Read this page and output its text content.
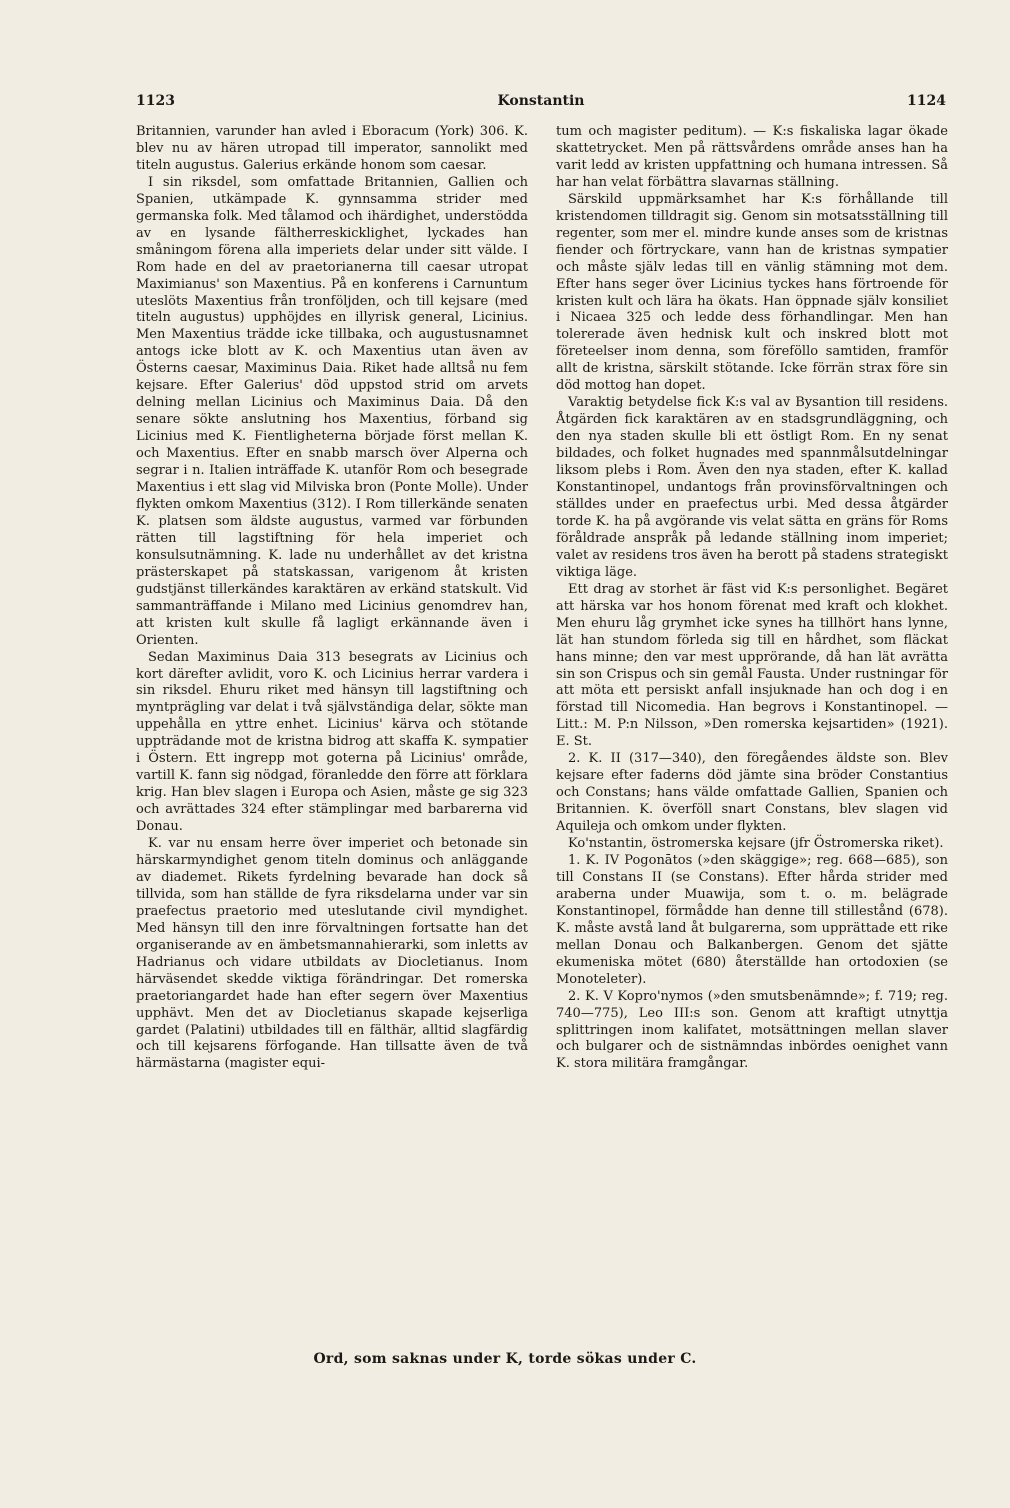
1123	Konstantin	1124

Britannien, varunder han avled i Eboracum (York) 306. K. blev nu av hären utropad till imperator, sannolikt med titeln augustus. Galerius erkände honom som caesar.

I sin riksdel, som omfattade Britannien, Gallien och Spanien, utkämpade K. gynnsamma strider med germanska folk. Med tålamod och ihärdighet, understödda av en lysande fältherreskicklighet, lyckades han småningom förena alla imperiets delar under sitt välde. I Rom hade en del av praetorianerna till caesar utropat Maximianus' son Maxentius. På en konferens i Carnuntum uteslöts Maxentius från tronföljden, och till kejsare (med titeln augustus) upphöjdes en illyrisk general, Licinius. Men Maxentius trädde icke tillbaka, och augustusnamnet antogs icke blott av K. och Maxentius utan även av Österns caesar, Maximinus Daia. Riket hade alltså nu fem kejsare. Efter Galerius' död uppstod strid om arvets delning mellan Licinius och Maximinus Daia. Då den senare sökte anslutning hos Maxentius, förband sig Licinius med K. Fientligheterna började först mellan K. och Maxentius. Efter en snabb marsch över Alperna och segrar i n. Italien inträffade K. utanför Rom och besegrade Maxentius i ett slag vid Milviska bron (Ponte Molle). Under flykten omkom Maxentius (312). I Rom tillerkände senaten K. platsen som äldste augustus, varmed var förbunden rätten till lagstiftning för hela imperiet och konsulsutnämning. K. lade nu underhållet av det kristna prästerskapet på statskassan, varigenom åt kristen gudstjänst tillerkändes karaktären av erkänd statskult. Vid sammanträffande i Milano med Licinius genomdrev han, att kristen kult skulle få lagligt erkännande även i Orienten.

Sedan Maximinus Daia 313 besegrats av Licinius och kort därefter avlidit, voro K. och Licinius herrar vardera i sin riksdel. Ehuru riket med hänsyn till lagstiftning och myntprägling var delat i två självständiga delar, sökte man uppehålla en yttre enhet. Licinius' kärva och stötande uppträdande mot de kristna bidrog att skaffa K. sympatier i Östern. Ett ingrepp mot goterna på Licinius' område, vartill K. fann sig nödgad, föranledde den förre att förklara krig. Han blev slagen i Europa och Asien, måste ge sig 323 och avrättades 324 efter stämplingar med barbarerna vid Donau.

K. var nu ensam herre över imperiet och betonade sin härskarmyndighet genom titeln dominus och anläggande av diademet. Rikets fyrdelning bevarade han dock så tillvida, som han ställde de fyra riksdelarna under var sin praefectus praetorio med uteslutande civil myndighet. Med hänsyn till den inre förvaltningen fortsatte han det organiserande av en ämbetsmannahierarki, som inletts av Hadrianus och vidare utbildats av Diocletianus. Inom härväsendet skedde viktiga förändringar. Det romerska praetoriangardet hade han efter segern över Maxentius upphävt. Men det av Diocletianus skapade kejserliga gardet (Palatini) utbildades till en fälthär, alltid slagfärdig och till kejsarens förfogande. Han tillsatte även de två härmästarna (magister equi-

tum och magister peditum). — K:s fiskaliska lagar ökade skattetrycket. Men på rättsvårdens område anses han ha varit ledd av kristen uppfattning och humana intressen. Så har han velat förbättra slavarnas ställning.

Särskild uppmärksamhet har K:s förhållande till kristendomen tilldragit sig. Genom sin motsatsställning till regenter, som mer el. mindre kunde anses som de kristnas fiender och förtryckare, vann han de kristnas sympatier och måste själv ledas till en vänlig stämning mot dem. Efter hans seger över Licinius tyckes hans förtroende för kristen kult och lära ha ökats. Han öppnade själv konsiliet i Nicaea 325 och ledde dess förhandlingar. Men han tolererade även hednisk kult och inskred blott mot företeelser inom denna, som föreföllo samtiden, framför allt de kristna, särskilt stötande. Icke förrän strax före sin död mottog han dopet.

Varaktig betydelse fick K:s val av Bysantion till residens. Åtgärden fick karaktären av en stadsgrundläggning, och den nya staden skulle bli ett östligt Rom. En ny senat bildades, och folket hugnades med spannmålsutdelningar liksom plebs i Rom. Även den nya staden, efter K. kallad Konstantinopel, undantogs från provinsförvaltningen och ställdes under en praefectus urbi. Med dessa åtgärder torde K. ha på avgörande vis velat sätta en gräns för Roms föråldrade anspråk på ledande ställning inom imperiet; valet av residens tros även ha berott på stadens strategiskt viktiga läge.

Ett drag av storhet är fäst vid K:s personlighet. Begäret att härska var hos honom förenat med kraft och klokhet. Men ehuru låg grymhet icke synes ha tillhört hans lynne, lät han stundom förleda sig till en hårdhet, som fläckat hans minne; den var mest upprörande, då han lät avrätta sin son Crispus och sin gemål Fausta. Under rustningar för att möta ett persiskt anfall insjuknade han och dog i en förstad till Nicomedia. Han begrovs i Konstantinopel. — Litt.: M. P:n Nilsson, »Den romerska kejsartiden» (1921). E. St.

2. K. II (317—340), den föregåendes äldste son. Blev kejsare efter faderns död jämte sina bröder Constantius och Constans; hans välde omfattade Gallien, Spanien och Britannien. K. överföll snart Constans, blev slagen vid Aquileja och omkom under flykten.

Ko'nstantin, östromerska kejsare (jfr Östromerska riket).

1. K. IV Pogonātos (»den skäggige»; reg. 668—685), son till Constans II (se Constans). Efter hårda strider med araberna under Muawija, som t. o. m. belägrade Konstantinopel, förmådde han denne till stillestånd (678). K. måste avstå land åt bulgarerna, som upprättade ett rike mellan Donau och Balkanbergen. Genom det sjätte ekumeniska mötet (680) återställde han ortodoxien (se Monoteleter).

2. K. V Kopro'nymos (»den smutsbenämnde»; f. 719; reg. 740—775), Leo III:s son. Genom att kraftigt utnyttja splittringen inom kalifatet, motsättningen mellan slaver och bulgarer och de sistnämndas inbördes oenighet vann K. stora militära framgångar.

Ord, som saknas under K, torde sökas under C.
